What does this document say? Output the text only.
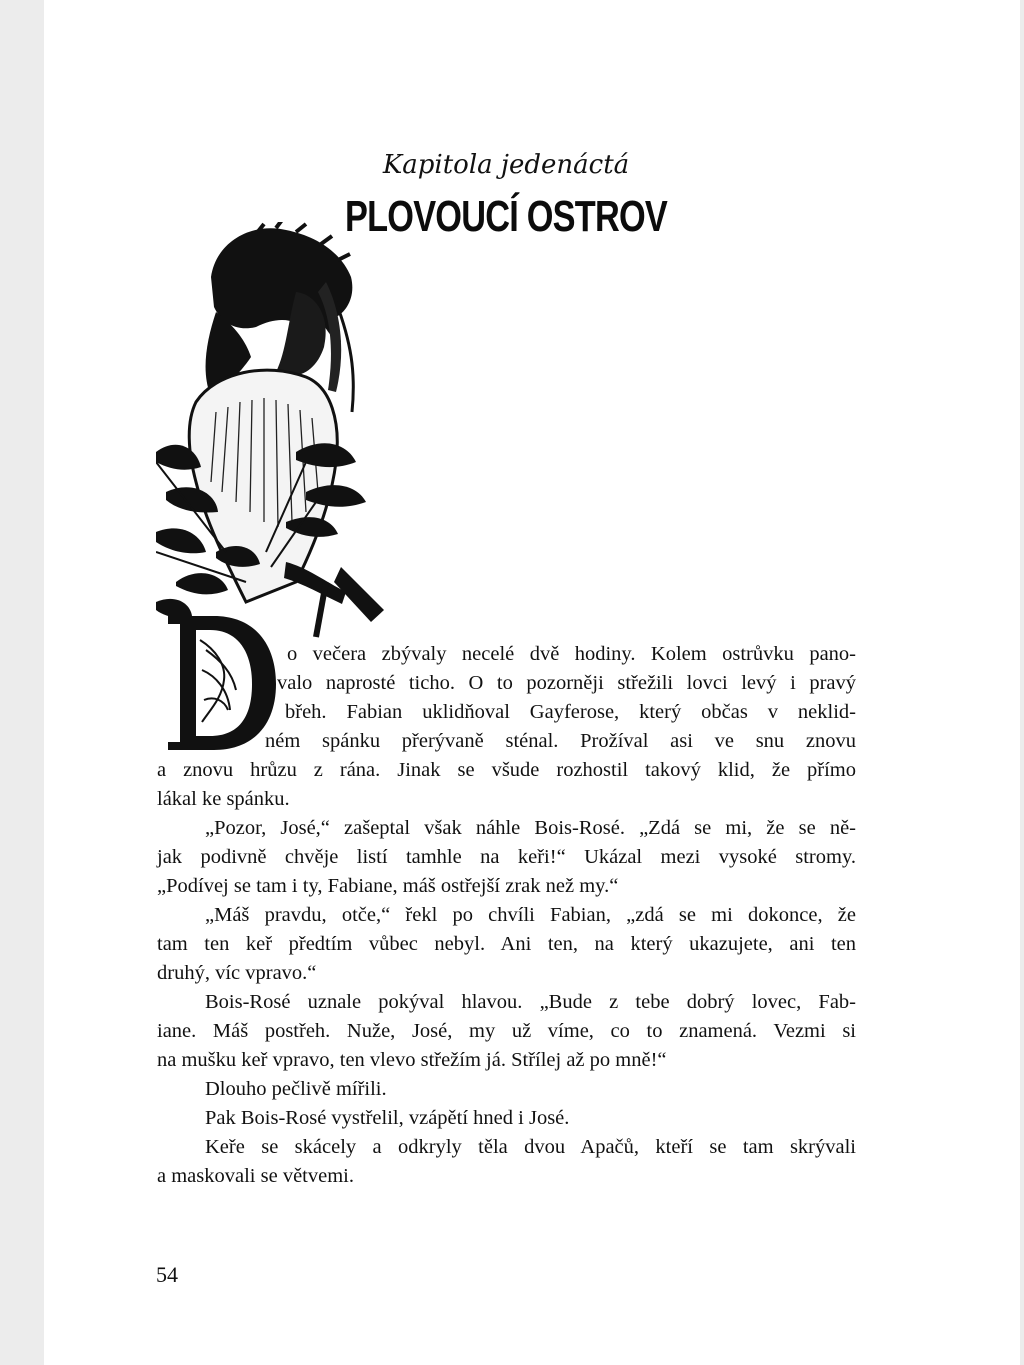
Kapitola jedenáctá
PLOVOUCÍ OSTROV
o večera zbývaly necelé dvě hodiny. Kolem ostrůvku pano-
valo naprosté ticho. O to pozorněji střežili lovci levý i pravý
břeh. Fabian uklidňoval Gayferose, který občas v neklid-
ném spánku přerývaně sténal. Prožíval asi ve snu znovu
a znovu hrůzu z rána. Jinak se všude rozhostil takový klid, že přímo
lákal ke spánku.
„Pozor, José,“ zašeptal však náhle Bois-Rosé. „Zdá se mi, že se ně-
jak podivně chvěje listí tamhle na keři!“ Ukázal mezi vysoké stromy.
„Podívej se tam i ty, Fabiane, máš ostřejší zrak než my.“
„Máš pravdu, otče,“ řekl po chvíli Fabian, „zdá se mi dokonce, že
tam ten keř předtím vůbec nebyl. Ani ten, na který ukazujete, ani ten
druhý, víc vpravo.“
Bois-Rosé uznale pokýval hlavou. „Bude z tebe dobrý lovec, Fab-
iane. Máš postřeh. Nuže, José, my už víme, co to znamená. Vezmi si
na mušku keř vpravo, ten vlevo střežím já. Střílej až po mně!“
Dlouho pečlivě mířili.
Pak Bois-Rosé vystřelil, vzápětí hned i José.
Keře se skácely a odkryly těla dvou Apačů, kteří se tam skrývali
a maskovali se větvemi.
54
